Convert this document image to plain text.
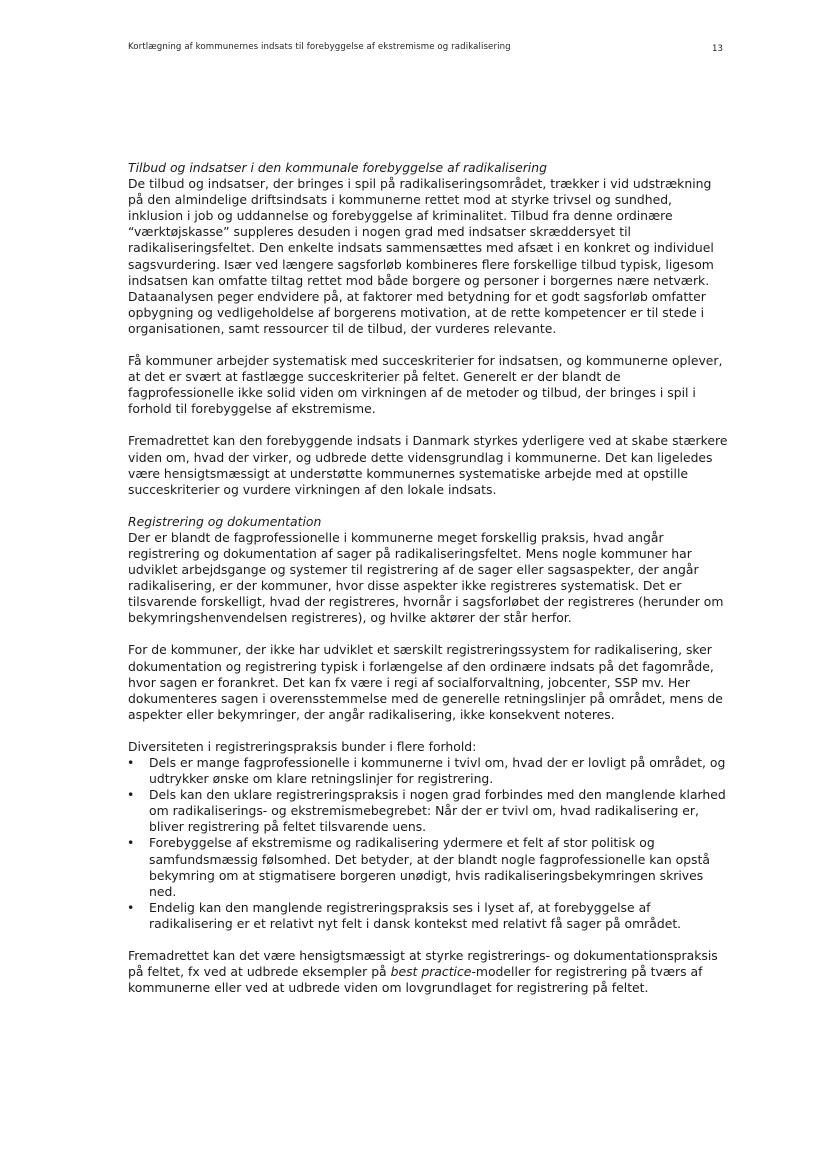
Kortlægning af kommunernes indsats til forebyggelse af ekstremisme og radikalisering	13

Tilbud og indsatser i den kommunale forebyggelse af radikalisering

De tilbud og indsatser, der bringes i spil på radikaliseringsområdet, trækker i vid udstrækning på den almindelige driftsindsats i kommunerne rettet mod at styrke trivsel og sundhed, inklusion i job og uddannelse og forebyggelse af kriminalitet. Tilbud fra denne ordinære “værktøjskasse” suppleres desuden i nogen grad med indsatser skræddersyet til radikaliseringsfeltet. Den enkelte indsats sammensættes med afsæt i en konkret og individuel sagsvurdering. Især ved længere sagsforløb kombineres flere forskellige tilbud typisk, ligesom indsatsen kan omfatte tiltag rettet mod både borgere og personer i borgernes nære netværk. Dataanalysen peger endvidere på, at faktorer med betydning for et godt sagsforløb omfatter opbygning og vedligeholdelse af borgerens motivation, at de rette kompetencer er til stede i organisationen, samt ressourcer til de tilbud, der vurderes relevante.

Få kommuner arbejder systematisk med succeskriterier for indsatsen, og kommunerne oplever, at det er svært at fastlægge succeskriterier på feltet. Generelt er der blandt de fagprofessionelle ikke solid viden om virkningen af de metoder og tilbud, der bringes i spil i forhold til forebyggelse af ekstremisme.

Fremadrettet kan den forebyggende indsats i Danmark styrkes yderligere ved at skabe stærkere viden om, hvad der virker, og udbrede dette vidensgrundlag i kommunerne. Det kan ligeledes være hensigtsmæssigt at understøtte kommunernes systematiske arbejde med at opstille succeskriterier og vurdere virkningen af den lokale indsats.

Registrering og dokumentation

Der er blandt de fagprofessionelle i kommunerne meget forskellig praksis, hvad angår registrering og dokumentation af sager på radikaliseringsfeltet. Mens nogle kommuner har udviklet arbejdsgange og systemer til registrering af de sager eller sagsaspekter, der angår radikalisering, er der kommuner, hvor disse aspekter ikke registreres systematisk. Det er tilsvarende forskelligt, hvad der registreres, hvornår i sagsforløbet der registreres (herunder om bekymringshenvendelsen registreres), og hvilke aktører der står herfor.

For de kommuner, der ikke har udviklet et særskilt registreringssystem for radikalisering, sker dokumentation og registrering typisk i forlængelse af den ordinære indsats på det fagområde, hvor sagen er forankret. Det kan fx være i regi af socialforvaltning, jobcenter, SSP mv. Her dokumenteres sagen i overensstemmelse med de generelle retningslinjer på området, mens de aspekter eller bekymringer, der angår radikalisering, ikke konsekvent noteres.

Diversiteten i registreringspraksis bunder i flere forhold:

• Dels er mange fagprofessionelle i kommunerne i tvivl om, hvad der er lovligt på området, og udtrykker ønske om klare retningslinjer for registrering.
• Dels kan den uklare registreringspraksis i nogen grad forbindes med den manglende klarhed om radikaliserings- og ekstremismebegrebet: Når der er tvivl om, hvad radikalisering er, bliver registrering på feltet tilsvarende uens.
• Forebyggelse af ekstremisme og radikalisering ydermere et felt af stor politisk og samfundsmæssig følsomhed. Det betyder, at der blandt nogle fagprofessionelle kan opstå bekymring om at stigmatisere borgeren unødigt, hvis radikaliseringsbekymringen skrives ned.
• Endelig kan den manglende registreringspraksis ses i lyset af, at forebyggelse af radikalisering er et relativt nyt felt i dansk kontekst med relativt få sager på området.

Fremadrettet kan det være hensigtsmæssigt at styrke registrerings- og dokumentationspraksis på feltet, fx ved at udbrede eksempler på best practice-modeller for registrering på tværs af kommunerne eller ved at udbrede viden om lovgrundlaget for registrering på feltet.
